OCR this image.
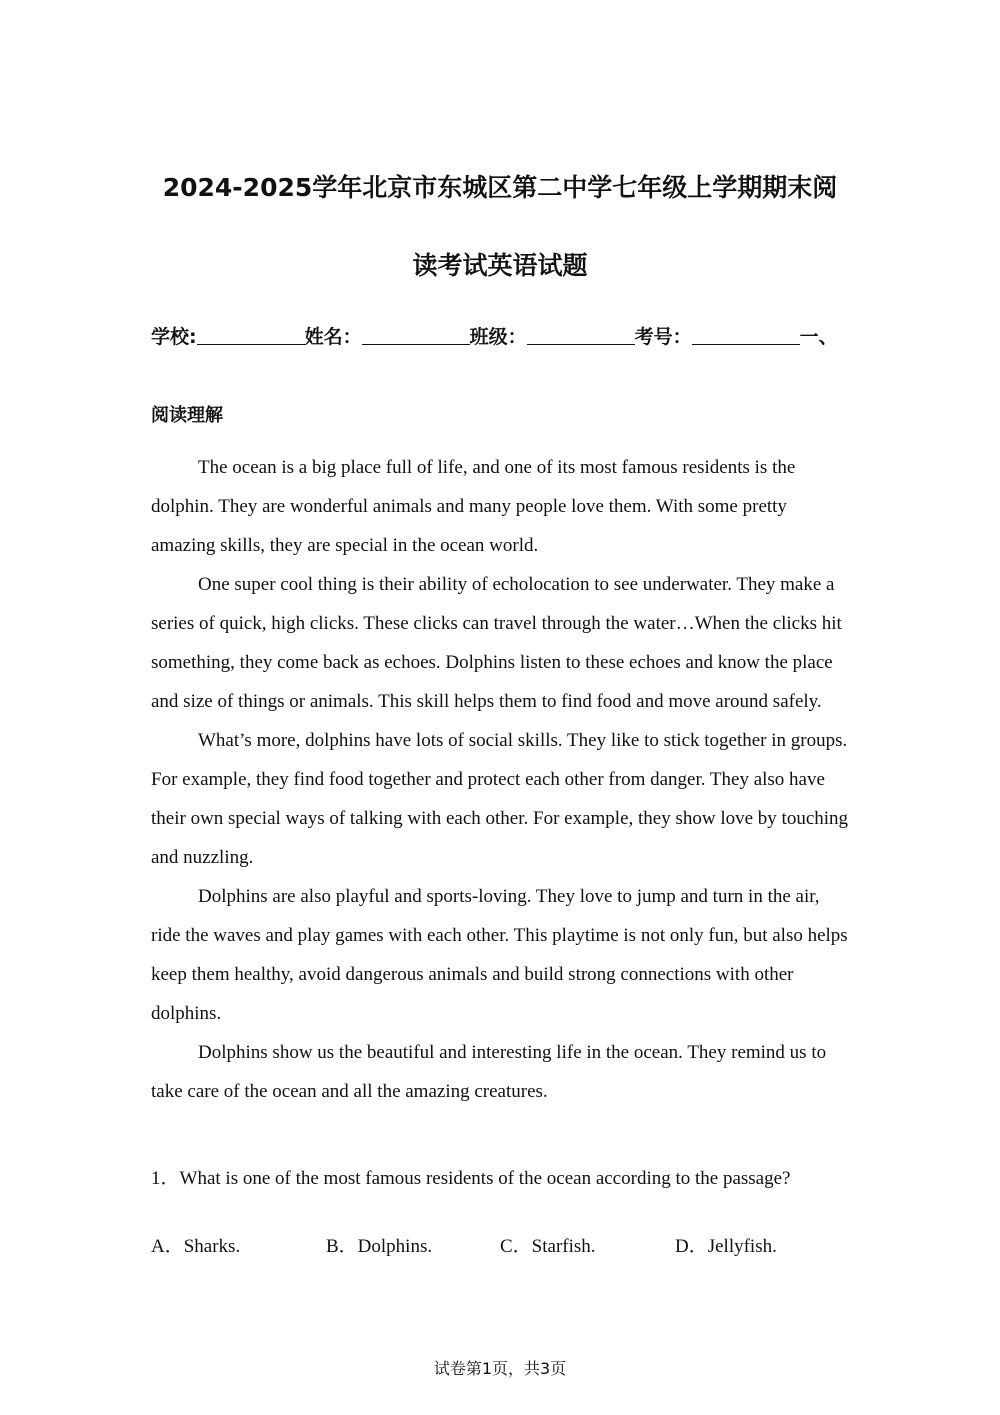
2024-2025学年北京市东城区第二中学七年级上学期期末阅
读考试英语试题
学校:	姓名：	班级：	考号：	一、
阅读理解

The ocean is a big place full of life, and one of its most famous residents is the dolphin. They are wonderful animals and many people love them. With some pretty amazing skills, they are special in the ocean world.

One super cool thing is their ability of echolocation to see underwater. They make a series of quick, high clicks. These clicks can travel through the water…When the clicks hit something, they come back as echoes. Dolphins listen to these echoes and know the place and size of things or animals. This skill helps them to find food and move around safely.

What’s more, dolphins have lots of social skills. They like to stick together in groups. For example, they find food together and protect each other from danger. They also have their own special ways of talking with each other. For example, they show love by touching and nuzzling.

Dolphins are also playful and sports-loving. They love to jump and turn in the air, ride the waves and play games with each other. This playtime is not only fun, but also helps keep them healthy, avoid dangerous animals and build strong connections with other dolphins.

Dolphins show us the beautiful and interesting life in the ocean. They remind us to take care of the ocean and all the amazing creatures.

1．What is one of the most famous residents of the ocean according to the passage?
A．Sharks.	B．Dolphins.	C．Starfish.	D．Jellyfish.
试卷第1页，共3页
